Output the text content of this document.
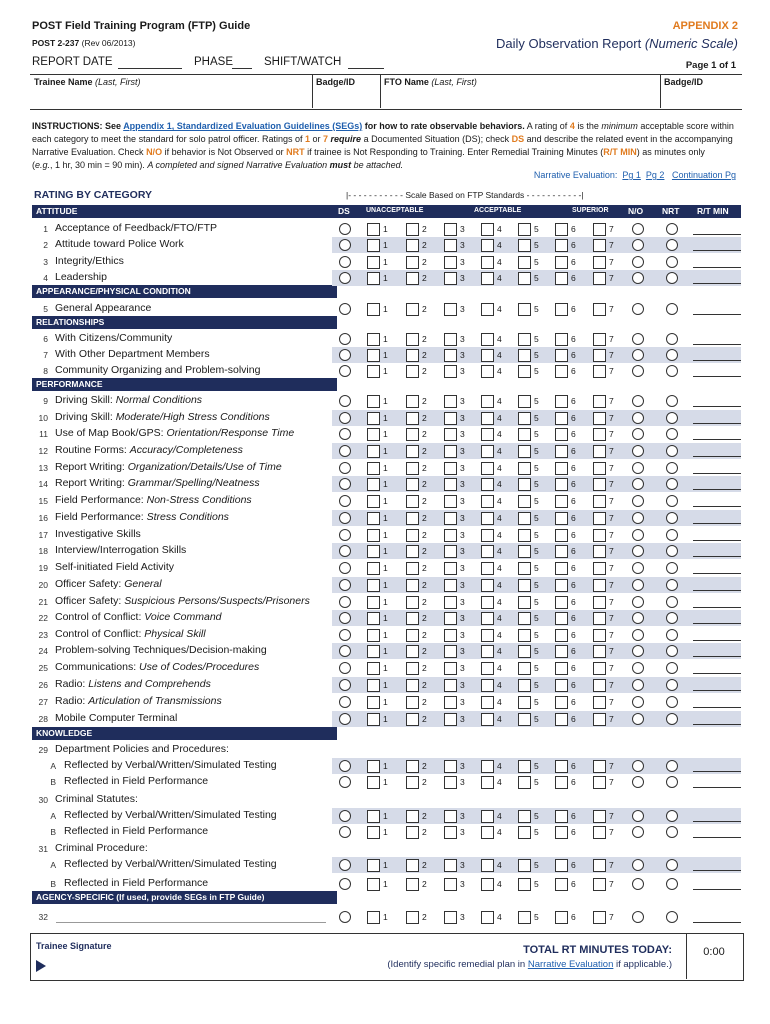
POST Field Training Program (FTP) Guide
POST 2-237 (Rev 06/2013)
APPENDIX 2
Daily Observation Report (Numeric Scale)
REPORT DATE	PHASE	SHIFT/WATCH	Page 1 of 1
Trainee Name (Last, First)	Badge/ID	FTO Name (Last, First)	Badge/ID
INSTRUCTIONS: See Appendix 1, Standardized Evaluation Guidelines (SEGs) for how to rate observable behaviors. A rating of 4 is the minimum acceptable score within
each category to meet the standard for solo patrol officer. Ratings of 1 or 7 require a Documented Situation (DS); check DS and describe the related event in the accompanying
Narrative Evaluation. Check N/O if behavior is Not Observed or NRT if trainee is Not Responding to Training. Enter Remedial Training Minutes (R/T MIN) as minutes only
(e.g., 1 hr, 30 min = 90 min). A completed and signed Narrative Evaluation must be attached.
Narrative Evaluation: Pg 1 Pg 2 Continuation Pg
RATING BY CATEGORY	|- - - - - - - - - - - Scale Based on FTP Standards - - - - - - - - - - -|
DS UNACCEPTABLE	ACCEPTABLE	SUPERIOR N/O NRT R/T MIN
ATTITUDE
APPEARANCE/PHYSICAL CONDITION
RELATIONSHIPS
PERFORMANCE
KNOWLEDGE
AGENCY-SPECIFIC (If used, provide SEGs in FTP Guide)
1 Acceptance of Feedback/FTO/FTP	1	2	3	4	5	6	7
2 Attitude toward Police Work	1	2	3	4	5	6	7
3 Integrity/Ethics	1	2	3	4	5	6	7
4 Leadership	1	2	3	4	5	6	7
5 General Appearance	1	2	3	4	5	6	7
6 With Citizens/Community	1	2	3	4	5	6	7
7 With Other Department Members	1	2	3	4	5	6	7
8 Community Organizing and Problem-solving	1	2	3	4	5	6	7
9 Driving Skill: Normal Conditions	1	2	3	4	5	6	7
10 Driving Skill: Moderate/High Stress Conditions	1	2	3	4	5	6	7
11 Use of Map Book/GPS: Orientation/Response Time	1	2	3	4	5	6	7
12 Routine Forms: Accuracy/Completeness	1	2	3	4	5	6	7
13 Report Writing: Organization/Details/Use of Time	1	2	3	4	5	6	7
14 Report Writing: Grammar/Spelling/Neatness	1	2	3	4	5	6	7
15 Field Performance: Non-Stress Conditions	1	2	3	4	5	6	7
16 Field Performance: Stress Conditions	1	2	3	4	5	6	7
17 Investigative Skills	1	2	3	4	5	6	7
18 Interview/Interrogation Skills	1	2	3	4	5	6	7
19 Self-initiated Field Activity	1	2	3	4	5	6	7
20 Officer Safety: General	1	2	3	4	5	6	7
21 Officer Safety: Suspicious Persons/Suspects/Prisoners	1	2	3	4	5	6	7
22 Control of Conflict: Voice Command	1	2	3	4	5	6	7
23 Control of Conflict: Physical Skill	1	2	3	4	5	6	7
24 Problem-solving Techniques/Decision-making	1	2	3	4	5	6	7
25 Communications: Use of Codes/Procedures	1	2	3	4	5	6	7
26 Radio: Listens and Comprehends	1	2	3	4	5	6	7
27 Radio: Articulation of Transmissions	1	2	3	4	5	6	7
28 Mobile Computer Terminal	1	2	3	4	5	6	7
29 Department Policies and Procedures:
A Reflected by Verbal/Written/Simulated Testing	1	2	3	4	5	6	7
B Reflected in Field Performance	1	2	3	4	5	6	7
30 Criminal Statutes:
A Reflected by Verbal/Written/Simulated Testing	1	2	3	4	5	6	7
B Reflected in Field Performance	1	2	3	4	5	6	7
31 Criminal Procedure:
A Reflected by Verbal/Written/Simulated Testing	1	2	3	4	5	6	7
B Reflected in Field Performance	1	2	3	4	5	6	7
32	1	2	3	4	5	6	7
Trainee Signature	TOTAL RT MINUTES TODAY:
(Identify specific remedial plan in Narrative Evaluation if applicable.)
0:00
